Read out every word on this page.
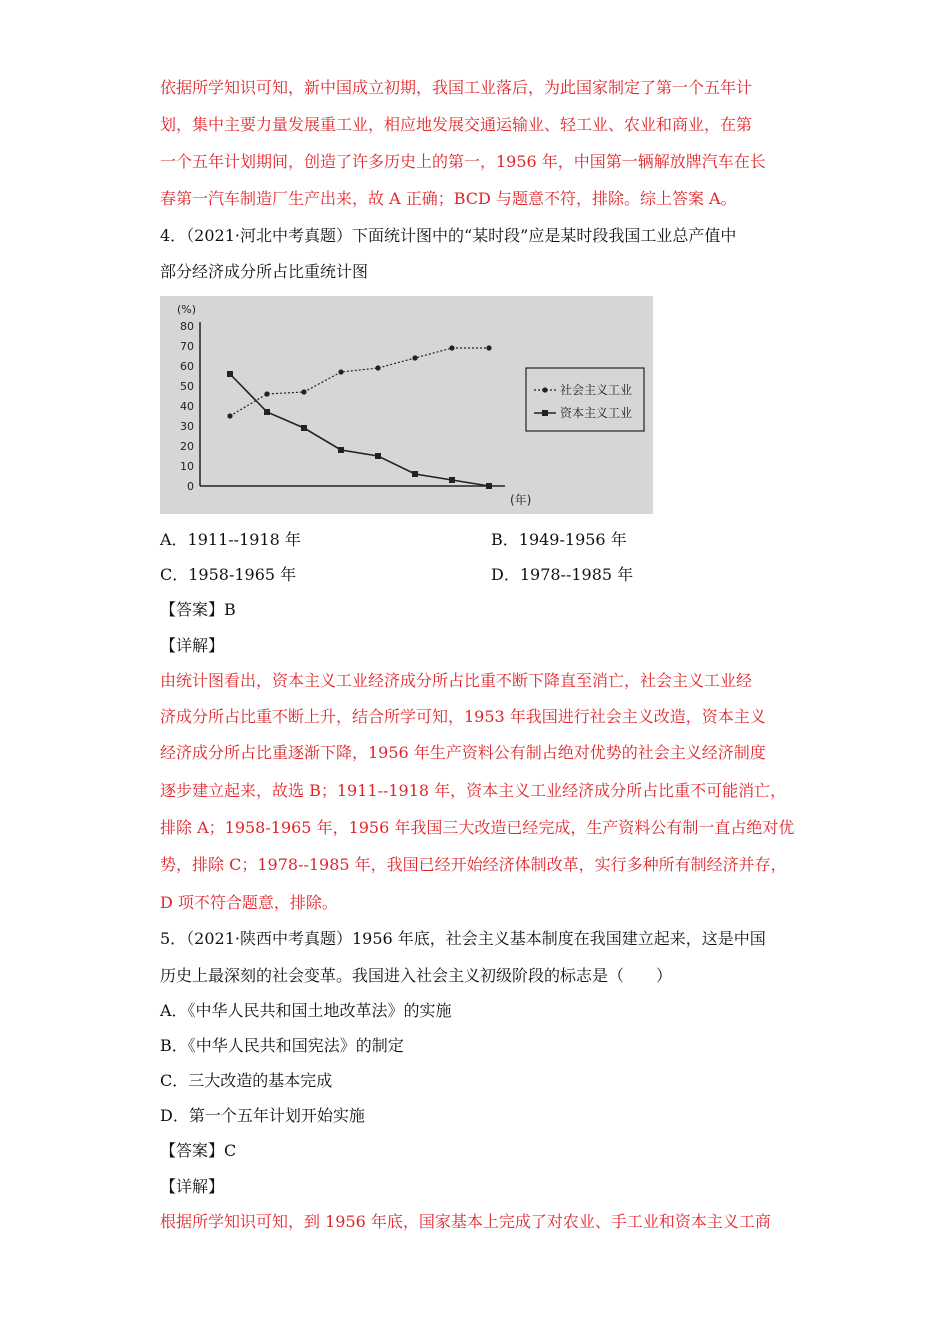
依据所学知识可知，新中国成立初期，我国工业落后，为此国家制定了第一个五年计
划，集中主要力量发展重工业，相应地发展交通运输业、轻工业、农业和商业，在第
一个五年计划期间，创造了许多历史上的第一，1956 年，中国第一辆解放牌汽车在长
春第一汽车制造厂生产出来，故 A 正确；BCD 与题意不符，排除。综上答案 A。
4．（2021·河北中考真题）下面统计图中的“某时段”应是某时段我国工业总产值中
部分经济成分所占比重统计图
(%)
0
10
20
30
40
50
60
70
80
(年)
社会主义工业
资本主义工业
A．1911--1918 年	B．1949-1956 年
C．1958-1965 年	D．1978--1985 年
【答案】B
【详解】
由统计图看出，资本主义工业经济成分所占比重不断下降直至消亡，社会主义工业经
济成分所占比重不断上升，结合所学可知，1953 年我国进行社会主义改造，资本主义
经济成分所占比重逐渐下降，1956 年生产资料公有制占绝对优势的社会主义经济制度
逐步建立起来，故选 B；1911--1918 年，资本主义工业经济成分所占比重不可能消亡，
排除 A；1958-1965 年，1956 年我国三大改造已经完成，生产资料公有制一直占绝对优
势，排除 C；1978--1985 年，我国已经开始经济体制改革，实行多种所有制经济并存，
D 项不符合题意，排除。
5．（2021·陕西中考真题）1956 年底，社会主义基本制度在我国建立起来，这是中国
历史上最深刻的社会变革。我国进入社会主义初级阶段的标志是（　　）
A．《中华人民共和国土地改革法》的实施
B．《中华人民共和国宪法》的制定
C．三大改造的基本完成
D．第一个五年计划开始实施
【答案】C
【详解】
根据所学知识可知，到 1956 年底，国家基本上完成了对农业、手工业和资本主义工商
